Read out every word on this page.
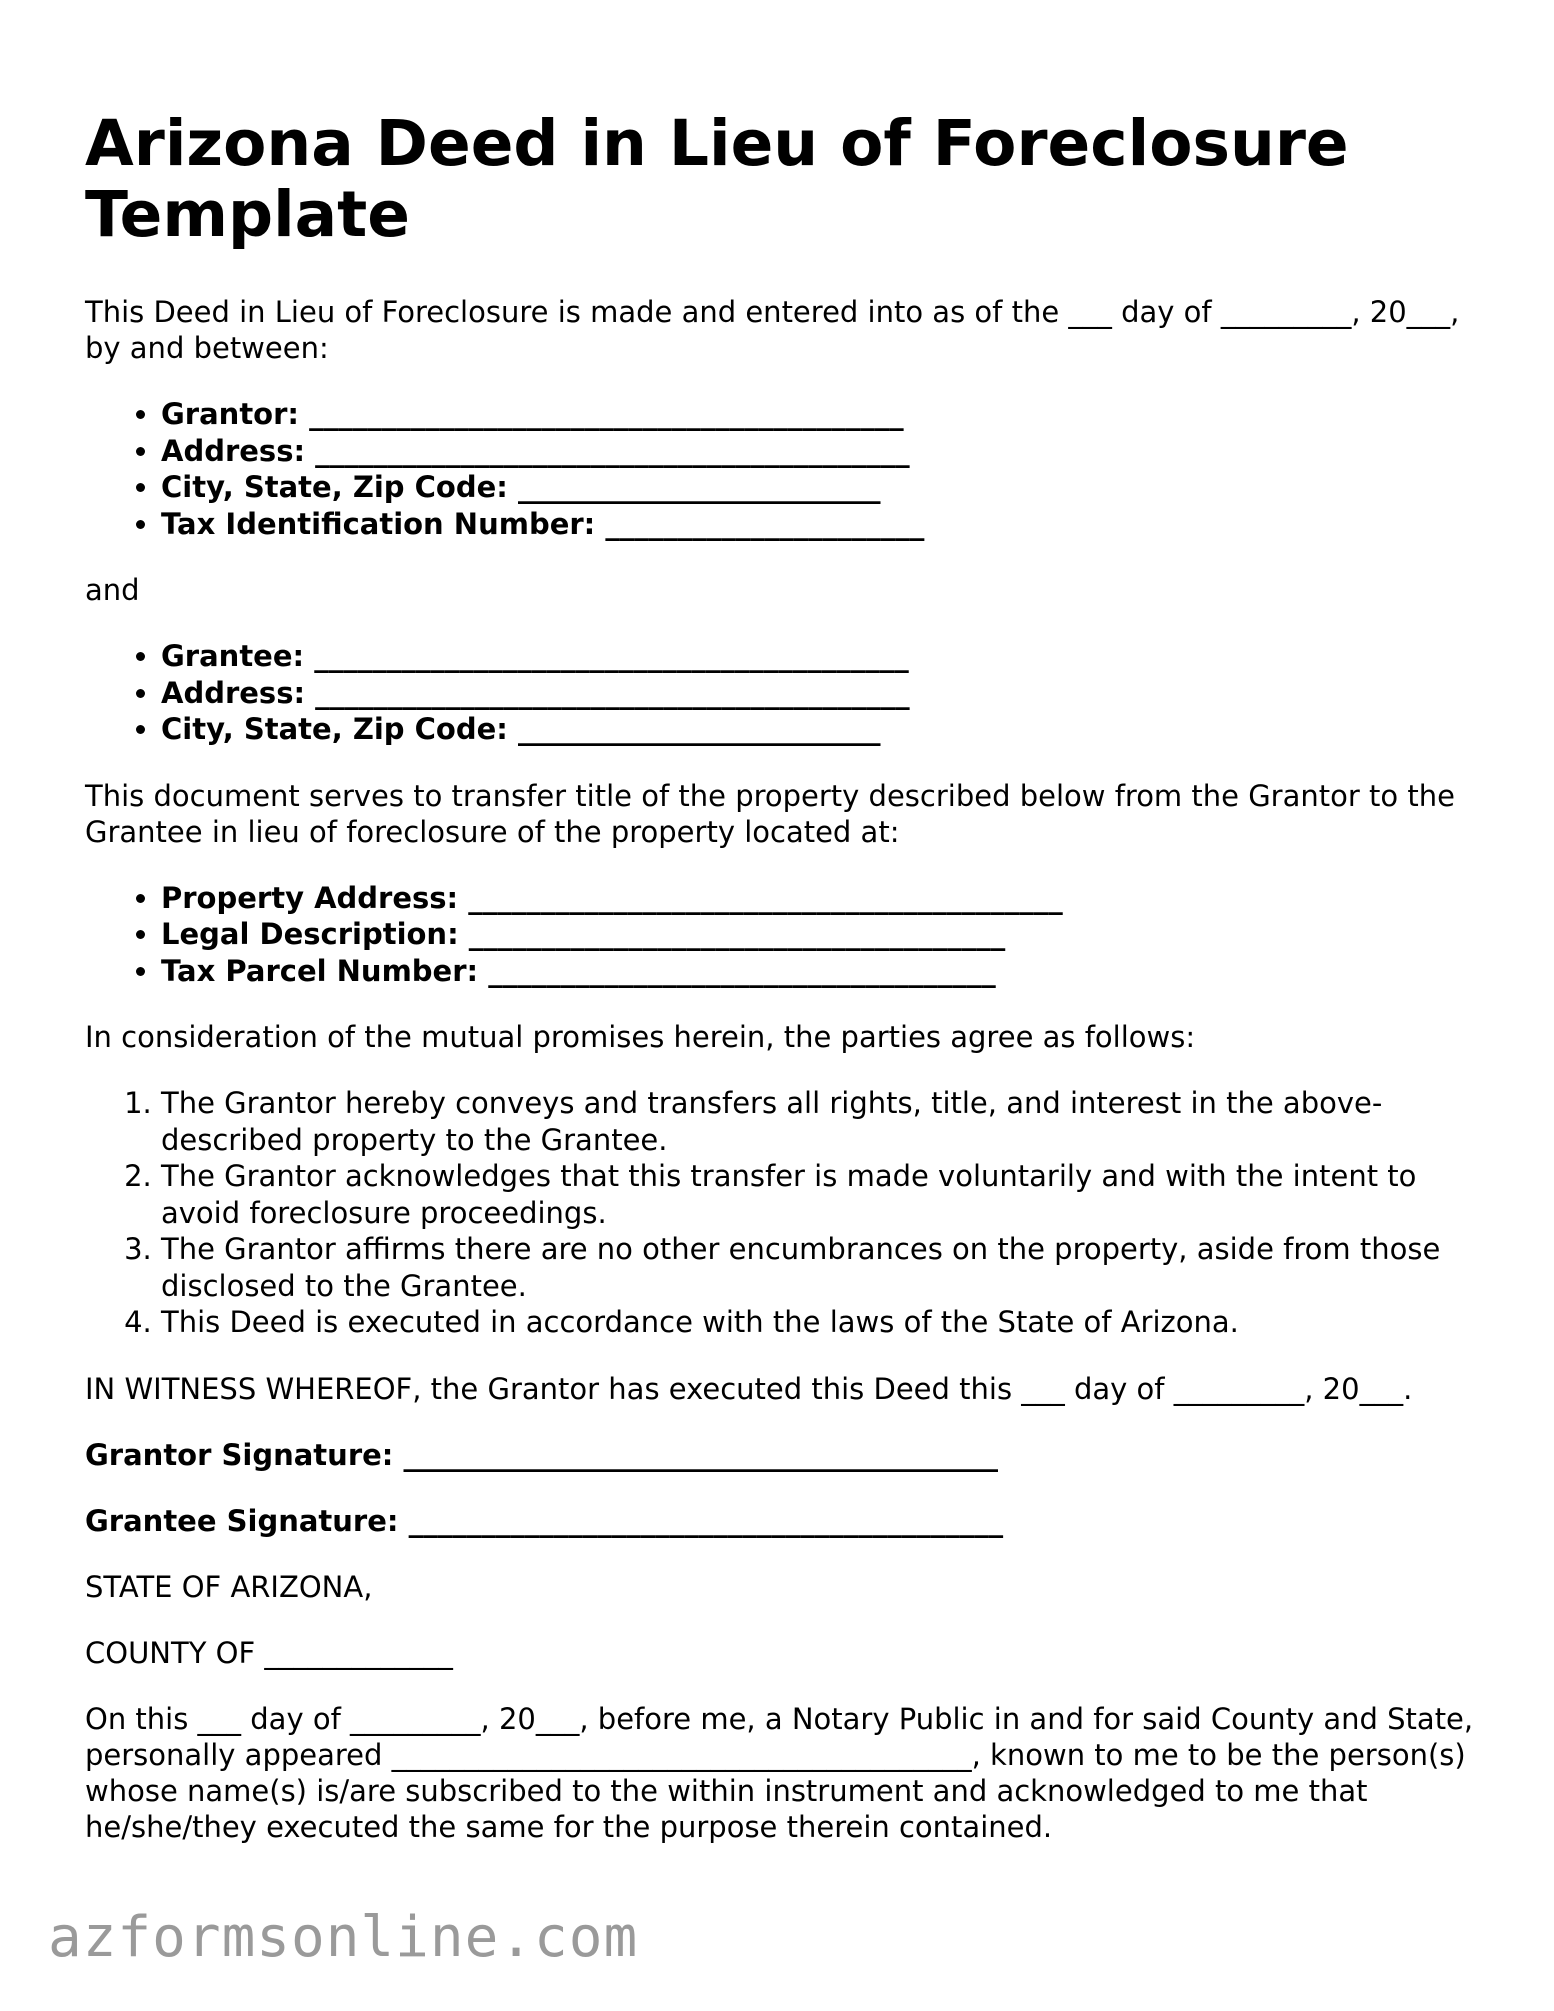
Arizona Deed in Lieu of Foreclosure Template

This Deed in Lieu of Foreclosure is made and entered into as of the ___ day of _________, 20___, by and between:

• Grantor: _________________________________________
• Address: _________________________________________
• City, State, Zip Code: _________________________
• Tax Identification Number: ______________________

and

• Grantee: _________________________________________
• Address: _________________________________________
• City, State, Zip Code: _________________________

This document serves to transfer title of the property described below from the Grantor to the Grantee in lieu of foreclosure of the property located at:

• Property Address: _________________________________________
• Legal Description: _____________________________________
• Tax Parcel Number: ___________________________________

In consideration of the mutual promises herein, the parties agree as follows:

1. The Grantor hereby conveys and transfers all rights, title, and interest in the above-described property to the Grantee.
2. The Grantor acknowledges that this transfer is made voluntarily and with the intent to avoid foreclosure proceedings.
3. The Grantor affirms there are no other encumbrances on the property, aside from those disclosed to the Grantee.
4. This Deed is executed in accordance with the laws of the State of Arizona.

IN WITNESS WHEREOF, the Grantor has executed this Deed this ___ day of _________, 20___.

Grantor Signature: _________________________________________

Grantee Signature: _________________________________________

STATE OF ARIZONA,

COUNTY OF _____________

On this ___ day of _________, 20___, before me, a Notary Public in and for said County and State, personally appeared ________________________________________, known to me to be the person(s) whose name(s) is/are subscribed to the within instrument and acknowledged to me that he/she/they executed the same for the purpose therein contained.

azformsonline.com
